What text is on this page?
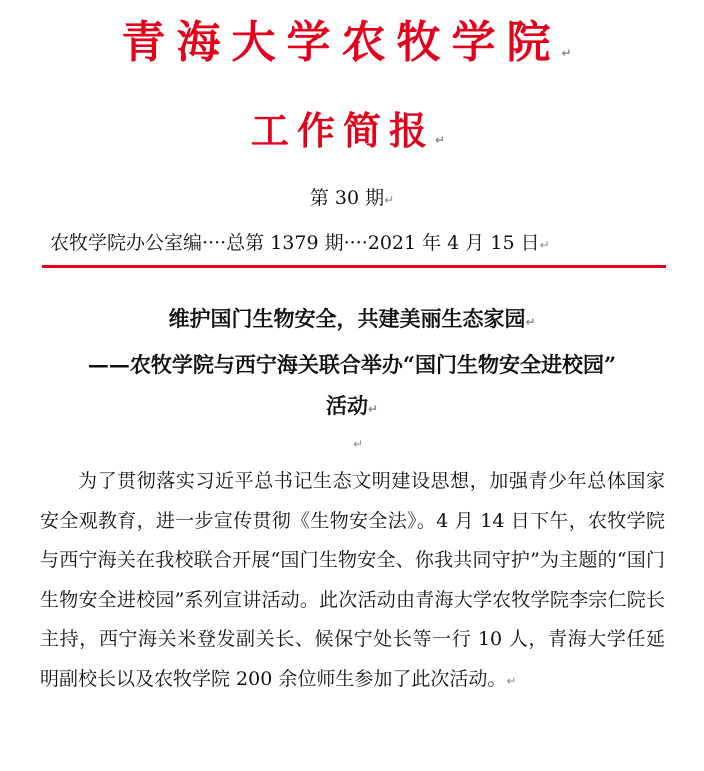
青海大学农牧学院↵
工作简报↵
第 30 期↵
农牧学院办公室编····总第 1379 期····2021 年 4 月 15 日↵
维护国门生物安全，共建美丽生态家园↵
——农牧学院与西宁海关联合举办“国门生物安全进校园”
活动↵
↵
为了贯彻落实习近平总书记生态文明建设思想，加强青少年总体国家安全观教育，进一步宣传贯彻《生物安全法》。4 月 14 日下午，农牧学院与西宁海关在我校联合开展“国门生物安全、你我共同守护”为主题的“国门生物安全进校园”系列宣讲活动。此次活动由青海大学农牧学院李宗仁院长主持，西宁海关米登发副关长、候保宁处长等一行 10 人，青海大学任延明副校长以及农牧学院 200 余位师生参加了此次活动。↵
